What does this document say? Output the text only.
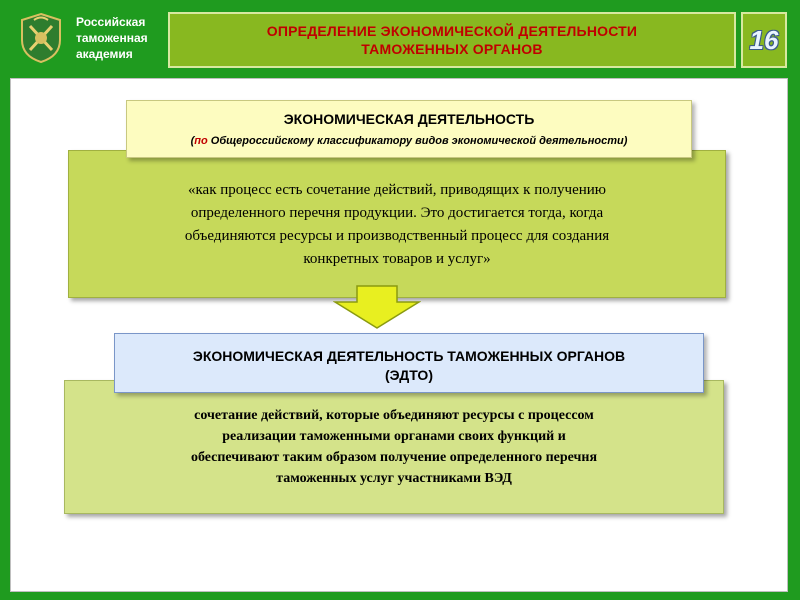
Российская
таможенная
академия
ОПРЕДЕЛЕНИЕ ЭКОНОМИЧЕСКОЙ ДЕЯТЕЛЬНОСТИ
ТАМОЖЕННЫХ ОРГАНОВ	16
ЭКОНОМИЧЕСКАЯ ДЕЯТЕЛЬНОСТЬ
(по Общероссийскому классификатору видов экономической деятельности)
«как процесс есть сочетание действий, приводящих к получению
определенного перечня продукции. Это достигается тогда, когда
объединяются ресурсы и производственный процесс для создания
конкретных товаров и услуг»
ЭКОНОМИЧЕСКАЯ ДЕЯТЕЛЬНОСТЬ ТАМОЖЕННЫХ ОРГАНОВ
(ЭДТО)
сочетание действий, которые объединяют ресурсы с процессом
реализации таможенными органами своих функций и
обеспечивают таким образом получение определенного перечня
таможенных услуг участниками ВЭД
